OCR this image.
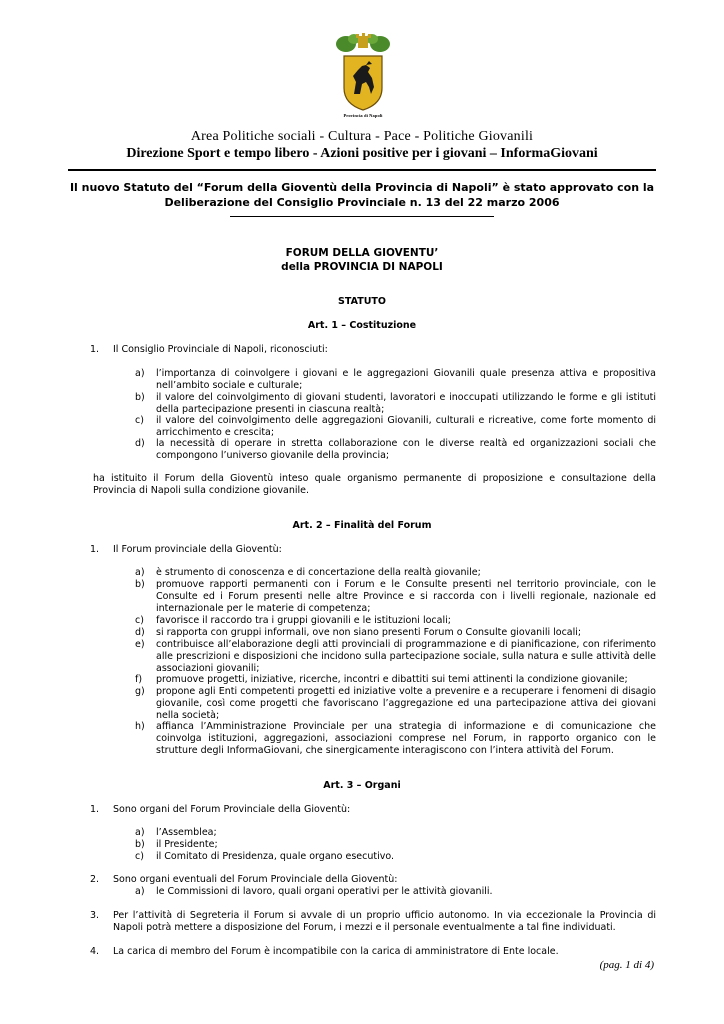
Provincia di Napoli
Area Politiche sociali - Cultura - Pace - Politiche Giovanili
Direzione Sport e tempo libero - Azioni positive per i giovani – InformaGiovani
Il nuovo Statuto del “Forum della Gioventù della Provincia di Napoli” è stato approvato con la Deliberazione del Consiglio Provinciale n. 13 del 22 marzo 2006
FORUM DELLA GIOVENTU’
della PROVINCIA DI NAPOLI
STATUTO
Art. 1 – Costituzione
1. Il Consiglio Provinciale di Napoli, riconosciuti:
a) l’importanza di coinvolgere i giovani e le aggregazioni Giovanili quale presenza attiva e propositiva nell’ambito sociale e culturale;
b) il valore del coinvolgimento di giovani studenti, lavoratori e inoccupati utilizzando le forme e gli istituti della partecipazione presenti in ciascuna realtà;
c) il valore del coinvolgimento delle aggregazioni Giovanili, culturali e ricreative, come forte momento di arricchimento e crescita;
d) la necessità di operare in stretta collaborazione con le diverse realtà ed organizzazioni sociali che compongono l’universo giovanile della provincia;
ha istituito il Forum della Gioventù inteso quale organismo permanente di proposizione e consultazione della Provincia di Napoli sulla condizione giovanile.
Art. 2 – Finalità del Forum
1. Il Forum provinciale della Gioventù:
a) è strumento di conoscenza e di concertazione della realtà giovanile;
b) promuove rapporti permanenti con i Forum e le Consulte presenti nel territorio provinciale, con le Consulte ed i Forum presenti nelle altre Province e si raccorda con i livelli regionale, nazionale ed internazionale per le materie di competenza;
c) favorisce il raccordo tra i gruppi giovanili e le istituzioni locali;
d) si rapporta con gruppi informali, ove non siano presenti Forum o Consulte giovanili locali;
e) contribuisce all’elaborazione degli atti provinciali di programmazione e di pianificazione, con riferimento alle prescrizioni e disposizioni che incidono sulla partecipazione sociale, sulla natura e sulle attività delle associazioni giovanili;
f) promuove progetti, iniziative, ricerche, incontri e dibattiti sui temi attinenti la condizione giovanile;
g) propone agli Enti competenti progetti ed iniziative volte a prevenire e a recuperare i fenomeni di disagio giovanile, così come progetti che favoriscano l’aggregazione ed una partecipazione attiva dei giovani nella società;
h) affianca l’Amministrazione Provinciale per una strategia di informazione e di comunicazione che coinvolga istituzioni, aggregazioni, associazioni comprese nel Forum, in rapporto organico con le strutture degli InformaGiovani, che sinergicamente interagiscono con l’intera attività del Forum.
Art. 3 – Organi
1. Sono organi del Forum Provinciale della Gioventù:
a) l’Assemblea;
b) il Presidente;
c) il Comitato di Presidenza, quale organo esecutivo.
2. Sono organi eventuali del Forum Provinciale della Gioventù:
a) le Commissioni di lavoro, quali organi operativi per le attività giovanili.
3. Per l’attività di Segreteria il Forum si avvale di un proprio ufficio autonomo. In via eccezionale la Provincia di Napoli potrà mettere a disposizione del Forum, i mezzi e il personale eventualmente a tal fine individuati.
4. La carica di membro del Forum è incompatibile con la carica di amministratore di Ente locale.
(pag. 1 di 4)
